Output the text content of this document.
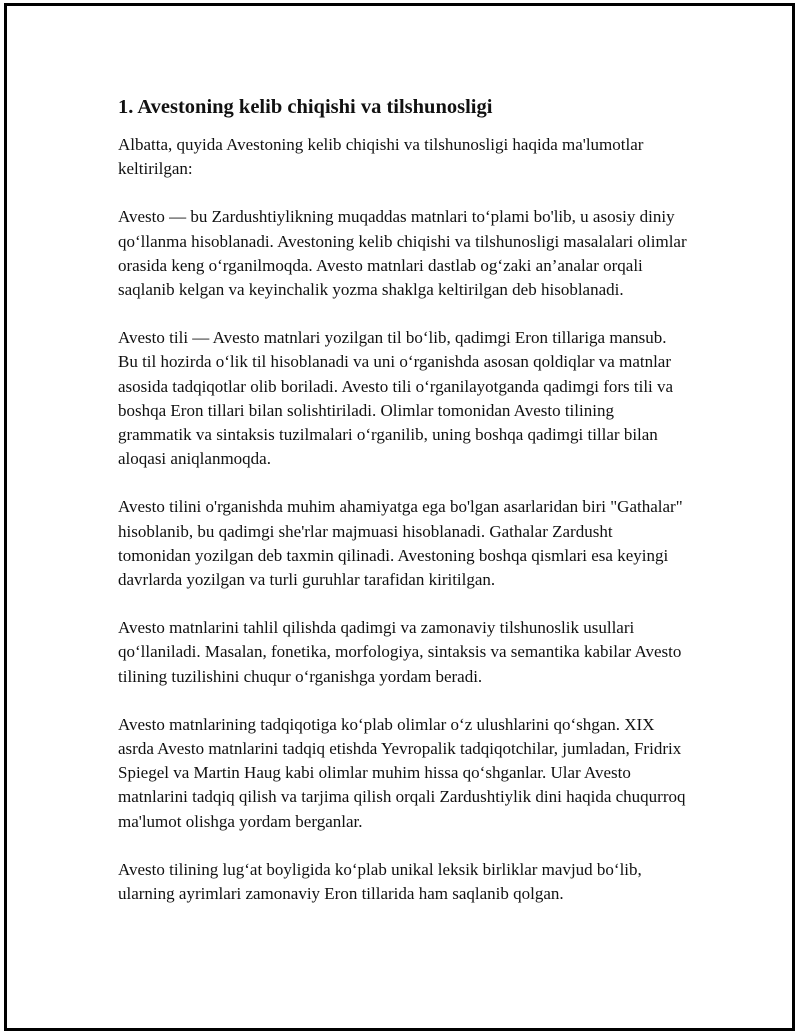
1. Avestoning kelib chiqishi va tilshunosligi

Albatta, quyida Avestoning kelib chiqishi va tilshunosligi haqida ma'lumotlar keltirilgan:

Avesto — bu Zardushtiylikning muqaddas matnlari to‘plami bo'lib, u asosiy diniy qo‘llanma hisoblanadi. Avestoning kelib chiqishi va tilshunosligi masalalari olimlar orasida keng o‘rganilmoqda. Avesto matnlari dastlab og‘zaki an’analar orqali saqlanib kelgan va keyinchalik yozma shaklga keltirilgan deb hisoblanadi.

Avesto tili — Avesto matnlari yozilgan til bo‘lib, qadimgi Eron tillariga mansub. Bu til hozirda o‘lik til hisoblanadi va uni o‘rganishda asosan qoldiqlar va matnlar asosida tadqiqotlar olib boriladi. Avesto tili o‘rganilayotganda qadimgi fors tili va boshqa Eron tillari bilan solishtiriladi. Olimlar tomonidan Avesto tilining grammatik va sintaksis tuzilmalari o‘rganilib, uning boshqa qadimgi tillar bilan aloqasi aniqlanmoqda.

Avesto tilini o'rganishda muhim ahamiyatga ega bo'lgan asarlaridan biri "Gathalar" hisoblanib, bu qadimgi she'rlar majmuasi hisoblanadi. Gathalar Zardusht tomonidan yozilgan deb taxmin qilinadi. Avestoning boshqa qismlari esa keyingi davrlarda yozilgan va turli guruhlar tarafidan kiritilgan.

Avesto matnlarini tahlil qilishda qadimgi va zamonaviy tilshunoslik usullari qo‘llaniladi. Masalan, fonetika, morfologiya, sintaksis va semantika kabilar Avesto tilining tuzilishini chuqur o‘rganishga yordam beradi.

Avesto matnlarining tadqiqotiga ko‘plab olimlar o‘z ulushlarini qo‘shgan. XIX asrda Avesto matnlarini tadqiq etishda Yevropalik tadqiqotchilar, jumladan, Fridrix Spiegel va Martin Haug kabi olimlar muhim hissa qo‘shganlar. Ular Avesto matnlarini tadqiq qilish va tarjima qilish orqali Zardushtiylik dini haqida chuqurroq ma'lumot olishga yordam berganlar.

Avesto tilining lug‘at boyligida ko‘plab unikal leksik birliklar mavjud bo‘lib, ularning ayrimlari zamonaviy Eron tillarida ham saqlanib qolgan.
